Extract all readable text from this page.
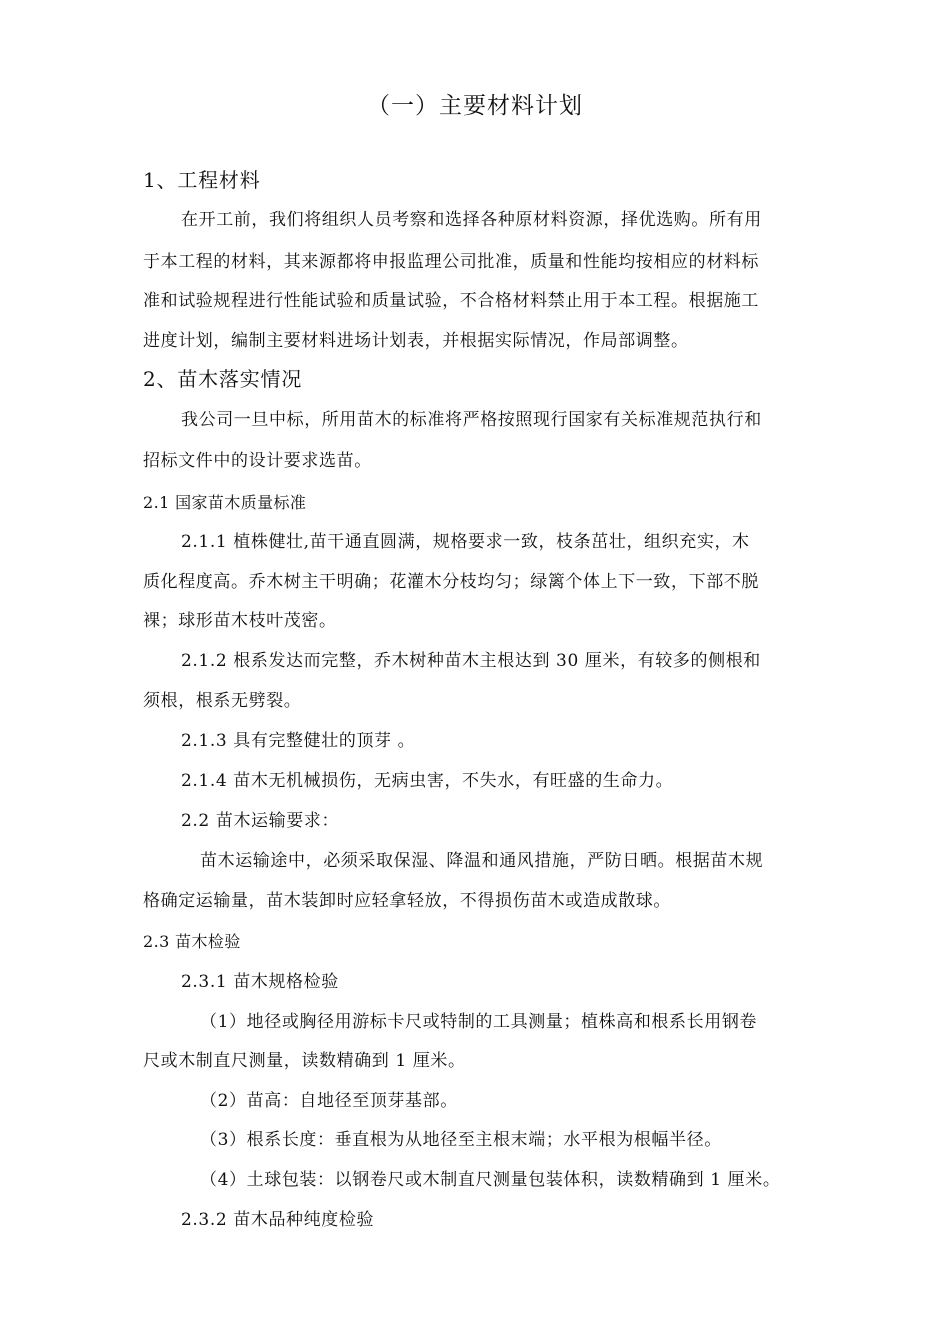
（一）主要材料计划
1、工程材料
在开工前，我们将组织人员考察和选择各种原材料资源，择优选购。所有用
于本工程的材料，其来源都将申报监理公司批准，质量和性能均按相应的材料标
准和试验规程进行性能试验和质量试验，不合格材料禁止用于本工程。根据施工
进度计划，编制主要材料进场计划表，并根据实际情况，作局部调整。
2、苗木落实情况
我公司一旦中标，所用苗木的标准将严格按照现行国家有关标准规范执行和
招标文件中的设计要求选苗。
2.1 国家苗木质量标准
2.1.1 植株健壮,苗干通直圆满，规格要求一致，枝条茁壮，组织充实，木
质化程度高。乔木树主干明确；花灌木分枝均匀；绿篱个体上下一致，下部不脱
裸；球形苗木枝叶茂密。
2.1.2 根系发达而完整，乔木树种苗木主根达到 30 厘米，有较多的侧根和
须根，根系无劈裂。
2.1.3 具有完整健壮的顶芽 。
2.1.4 苗木无机械损伤，无病虫害，不失水，有旺盛的生命力。
2.2 苗木运输要求：
苗木运输途中，必须采取保湿、降温和通风措施，严防日晒。根据苗木规
格确定运输量，苗木装卸时应轻拿轻放，不得损伤苗木或造成散球。
2.3 苗木检验
2.3.1 苗木规格检验
（1）地径或胸径用游标卡尺或特制的工具测量；植株高和根系长用钢卷
尺或木制直尺测量，读数精确到 1 厘米。
（2）苗高：自地径至顶芽基部。
（3）根系长度：垂直根为从地径至主根末端；水平根为根幅半径。
（4）土球包装：以钢卷尺或木制直尺测量包装体积，读数精确到 1 厘米。
2.3.2 苗木品种纯度检验
